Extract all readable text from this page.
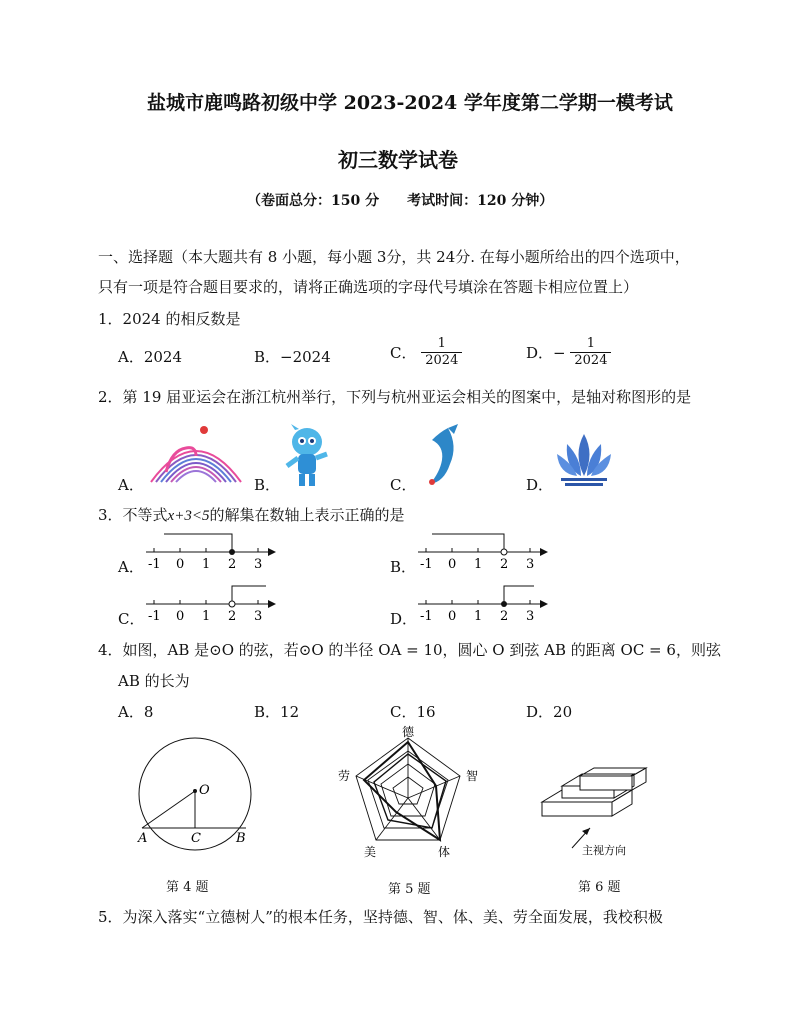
盐城市鹿鸣路初级中学 2023-2024 学年度第二学期一模考试
初三数学试卷
（卷面总分：150 分　　考试时间：120 分钟）
一、选择题（本大题共有 8 小题，每小题 3分，共 24分. 在每小题所给出的四个选项中，
只有一项是符合题目要求的，请将正确选项的字母代号填涂在答题卡相应位置上）
1．2024 的相反数是
A．2024	B．−2024	C． $\frac{1}{2024}$	D．− $\frac{1}{2024}$
2．第 19 届亚运会在浙江杭州举行，下列与杭州亚运会相关的图案中，是轴对称图形的是
A．	B．	C．	D．
3．不等式x+3<5的解集在数轴上表示正确的是
A．	B．
C．	D．
-1 0 1 2 3	-1 0 1 2 3
-1 0 1 2 3	-1 0 1 2 3
4．如图，AB 是⊙O 的弦，若⊙O 的半径 OA = 10，圆心 O 到弦 AB 的距离 OC = 6，则弦
AB 的长为
A．8	B．12	C．16	D．20
O
A	C	B
第 4 题
德
智
体
美
劳
第 5 题
主视方向
第 6 题
5．为深入落实“立德树人”的根本任务，坚持德、智、体、美、劳全面发展，我校积极
